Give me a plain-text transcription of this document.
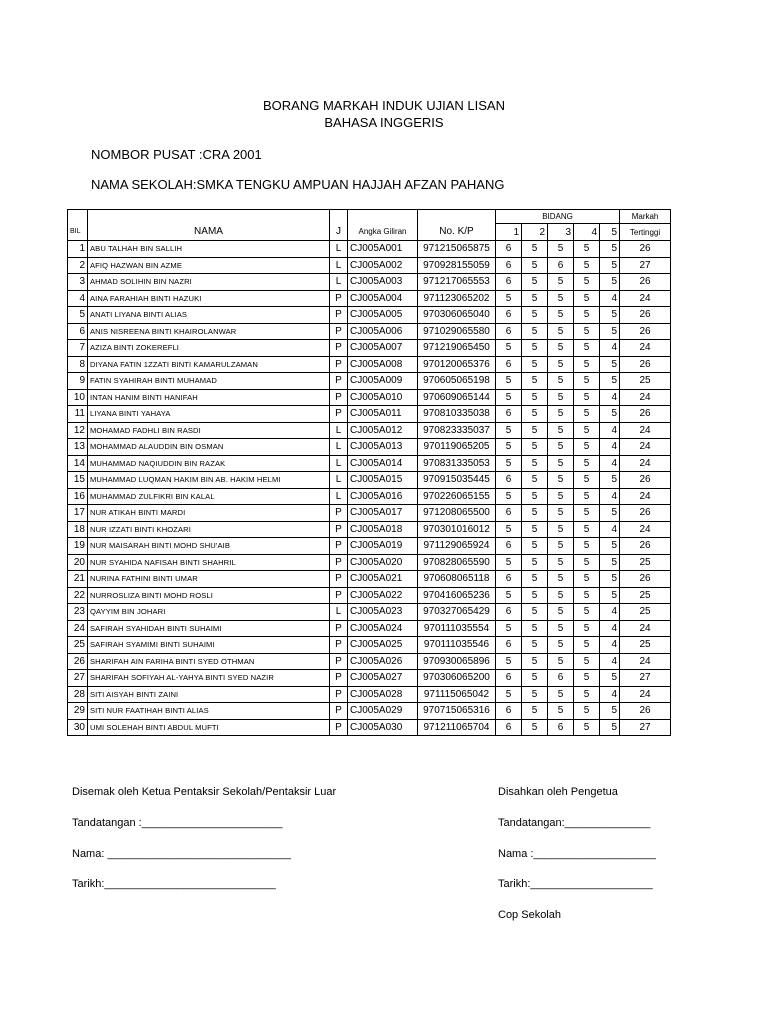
BORANG MARKAH INDUK UJIAN LISAN
BAHASA INGGERIS
NOMBOR PUSAT :CRA 2001
NAMA SEKOLAH:SMKA TENGKU AMPUAN HAJJAH AFZAN PAHANG
					BIDANG					Markah
BIL	NAMA	J	Angka Giliran	No. K/P	1	2	3	4	5	Tertinggi
1	ABU TALHAH BIN SALLIH	L	CJ005A001	971215065875	6	5	5	5	5	26
2	AFIQ HAZWAN BIN AZME	L	CJ005A002	970928155059	6	5	6	5	5	27
3	AHMAD SOLIHIN BIN NAZRI	L	CJ005A003	971217065553	6	5	5	5	5	26
4	AINA FARAHIAH BINTI HAZUKI	P	CJ005A004	971123065202	5	5	5	5	4	24
5	ANATI LIYANA BINTI ALIAS	P	CJ005A005	970306065040	6	5	5	5	5	26
6	ANIS NISREENA BINTI KHAIROLANWAR	P	CJ005A006	971029065580	6	5	5	5	5	26
7	AZIZA BINTI ZOKEREFLI	P	CJ005A007	971219065450	5	5	5	5	4	24
8	DIYANA FATIN 1ZZATI BINTI KAMARULZAMAN	P	CJ005A008	970120065376	6	5	5	5	5	26
9	FATIN SYAHIRAH BINTI MUHAMAD	P	CJ005A009	970605065198	5	5	5	5	5	25
10	INTAN HANIM BINTI HANIFAH	P	CJ005A010	970609065144	5	5	5	5	4	24
11	LIYANA BINTI YAHAYA	P	CJ005A011	970810335038	6	5	5	5	5	26
12	MOHAMAD FADHLI BIN RASDI	L	CJ005A012	970823335037	5	5	5	5	4	24
13	MOHAMMAD ALAUDDIN BIN OSMAN	L	CJ005A013	970119065205	5	5	5	5	4	24
14	MUHAMMAD NAQIUDDIN BIN RAZAK	L	CJ005A014	970831335053	5	5	5	5	4	24
15	MUHAMMAD LUQMAN HAKIM BIN AB. HAKIM HELMI	L	CJ005A015	970915035445	6	5	5	5	5	26
16	MUHAMMAD ZULFIKRI BIN KALAL	L	CJ005A016	970226065155	5	5	5	5	4	24
17	NUR ATIKAH BINTI MARDI	P	CJ005A017	971208065500	6	5	5	5	5	26
18	NUR IZZATI BINTI KHOZARI	P	CJ005A018	970301016012	5	5	5	5	4	24
19	NUR MAISARAH BINTI MOHD SHU'AIB	P	CJ005A019	971129065924	6	5	5	5	5	26
20	NUR SYAHIDA NAFISAH BINTI SHAHRIL	P	CJ005A020	970828065590	5	5	5	5	5	25
21	NURINA FATHINI BINTI UMAR	P	CJ005A021	970608065118	6	5	5	5	5	26
22	NURROSLIZA BINTI MOHD ROSLI	P	CJ005A022	970416065236	5	5	5	5	5	25
23	QAYYIM BIN JOHARI	L	CJ005A023	970327065429	6	5	5	5	4	25
24	SAFIRAH SYAHIDAH BINTI SUHAIMI	P	CJ005A024	970111035554	5	5	5	5	4	24
25	SAFIRAH SYAMIMI BINTI SUHAIMI	P	CJ005A025	970111035546	6	5	5	5	4	25
26	SHARIFAH AIN FARIHA BINTI SYED OTHMAN	P	CJ005A026	970930065896	5	5	5	5	4	24
27	SHARIFAH SOFIYAH AL-YAHYA BINTI SYED NAZIR	P	CJ005A027	970306065200	6	5	6	5	5	27
28	SITI AISYAH BINTI ZAINI	P	CJ005A028	971115065042	5	5	5	5	4	24
29	SITI NUR FAATIHAH BINTI ALIAS	P	CJ005A029	970715065316	6	5	5	5	5	26
30	UMI SOLEHAH BINTI ABDUL MUFTI	P	CJ005A030	971211065704	6	5	6	5	5	27
Disemak oleh Ketua Pentaksir Sekolah/Pentaksir Luar
Tandatangan :_______________________
Nama: ______________________________
Tarikh:____________________________
Disahkan oleh Pengetua
Tandatangan:______________
Nama :____________________
Tarikh:____________________
Cop Sekolah
